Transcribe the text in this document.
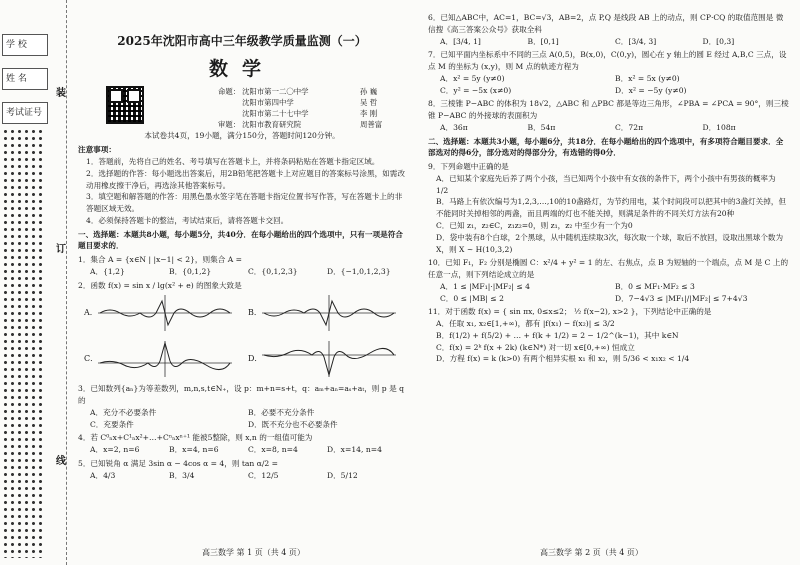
学 校
姓 名
考试证号
装
订
线
2025年沈阳市高中三年级教学质量监测（一）
数学
命题： 沈阳市第一二〇中学	孙 巍
沈阳市第四中学	吴 哲
沈阳市第二十七中学	李 刚
审题： 沈阳市教育研究院	周善富
本试卷共4页，19小题，满分150分，答题时间120分钟。
注意事项：
1．答题前，先将自己的姓名、考号填写在答题卡上，并将条码粘贴在答题卡指定区域。
2．选择题的作答：每小题选出答案后，用2B铅笔把答题卡上对应题目的答案标号涂黑，如需改动用橡皮擦干净后，再选涂其他答案标号。
3．填空题和解答题的作答：用黑色墨水签字笔在答题卡指定位置书写作答，写在答题卡上的非答题区域无效。
4．必须保持答题卡的整洁，考试结束后，请将答题卡交回。
一、选择题：本题共8小题，每小题5分，共40分．在每小题给出的四个选项中，只有一项是符合题目要求的．
1．集合 A = {x∈N | |x−1| < 2}，则集合 A =
A．{1,2}	B．{0,1,2}	C．{0,1,2,3}	D．{−1,0,1,2,3}
2．函数 f(x) = sin x / lg(x² + e) 的图象大致是
A．	B．
C．	D．
3．已知数列{aₙ}为等差数列，m,n,s,t∈N₊，设 p：m+n=s+t，q：aₘ+aₙ=aₛ+aₜ，则 p 是 q 的
A．充分不必要条件	B．必要不充分条件
C．充要条件	D．既不充分也不必要条件
4．若 C⁰ₙx+C¹ₙx²+…+Cⁿₙxⁿ⁺¹ 能被5整除，则 x,n 的一组值可能为
A．x=2, n=6	B．x=4, n=6	C．x=8, n=4	D．x=14, n=4
5．已知锐角 α 满足 3sin α − 4cos α = 4，则 tan α/2 =
A．4/3	B．3/4	C．12/5	D．5/12
高三数学 第 1 页（共 4 页）
6．已知△ABC中，AC=1，BC=√3，AB=2，点 P,Q 是线段 AB 上的动点，则 CP·CQ 的取值范围是 微信搜《高三答案公众号》获取全科
A．[3/4, 1]	B．[0,1]	C．[3/4, 3]	D．[0,3]
7．已知平面内坐标系中不同的三点 A(0,5)，B(x,0)，C(0,y)，圆心在 y 轴上的圆 E 经过 A,B,C 三点，设点 M 的坐标为 (x,y)，则 M 点的轨迹方程为
A．x² = 5y (y≠0)	B．x² = 5x (y≠0)
C．y² = −5x (x≠0)	D．x² = −5y (y≠0)
8．三棱锥 P−ABC 的体积为 18√2，△ABC 和 △PBC 都是等边三角形，∠PBA = ∠PCA = 90°，则三棱锥 P−ABC 的外接球的表面积为
A．36π	B．54π	C．72π	D．108π
二、选择题：本题共3小题，每小题6分，共18分．在每小题给出的四个选项中，有多项符合题目要求．全部选对的得6分，部分选对的得部分分，有选错的得0分．
9．下列命题中正确的是
A．已知某个家庭先后养了两个小孩，当已知两个小孩中有女孩的条件下，两个小孩中有男孩的概率为 1/2
B．马路上有依次编号为1,2,3,…,10的10盏路灯，为节约用电，某个时间段可以把其中的3盏灯关掉，但不能同时关掉相邻的两盏，而且两端的灯也不能关掉，则满足条件的不同关灯方法有20种
C．已知 z₁，z₂∈C，z₁z₂=0，则 z₁，z₂ 中至少有一个为0
D．袋中装有8个白球，2个黑球，从中随机连续取3次，每次取一个球，取后不放回，设取出黑球个数为X，则 X ~ H(10,3,2)
10．已知 F₁，F₂ 分别是椭圆 C：x²/4 + y² = 1 的左、右焦点，点 B 为短轴的一个端点，点 M 是 C 上的任意一点，则下列结论成立的是
A．1 ≤ |MF₁|·|MF₂| ≤ 4	B．0 ≤ MF₁·MF₂ ≤ 3
C．0 ≤ |MB| ≤ 2	D．7−4√3 ≤ |MF₁|/|MF₂| ≤ 7+4√3
11．对于函数 f(x) = { sin πx, 0≤x≤2； ½ f(x−2), x>2 }，下列结论中正确的是
A．任取 x₁, x₂∈[1,+∞)，都有 |f(x₁) − f(x₂)| ≤ 3/2
B．f(1/2) + f(5/2) + … + f(k + 1/2) = 2 − 1/2^(k−1)，其中 k∈N
C．f(x) = 2ᵏ f(x + 2k) (k∈N*) 对一切 x∈[0,+∞) 恒成立
D．方程 f(x) = k (k>0) 有两个相异实根 x₁ 和 x₂，则 5/36 < x₁x₂ < 1/4
高三数学 第 2 页（共 4 页）
